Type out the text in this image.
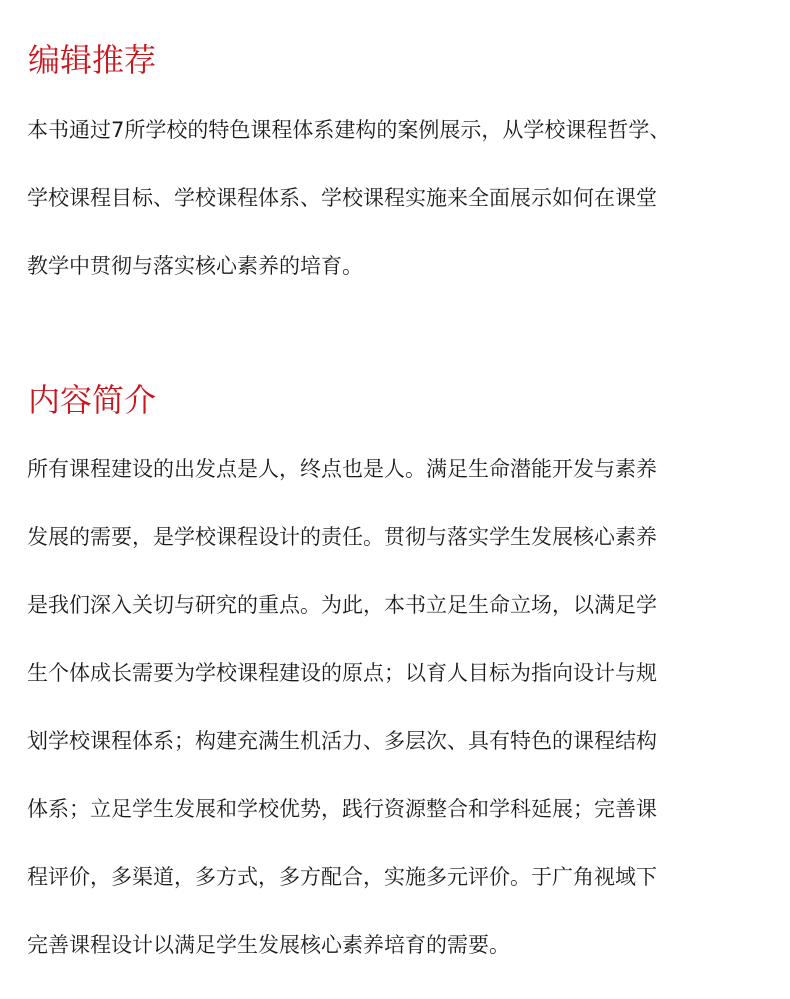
编辑推荐

本书通过7所学校的特色课程体系建构的案例展示，从学校课程哲学、

学校课程目标、学校课程体系、学校课程实施来全面展示如何在课堂

教学中贯彻与落实核心素养的培育。

内容简介

所有课程建设的出发点是人，终点也是人。满足生命潜能开发与素养

发展的需要，是学校课程设计的责任。贯彻与落实学生发展核心素养

是我们深入关切与研究的重点。为此，本书立足生命立场，以满足学

生个体成长需要为学校课程建设的原点；以育人目标为指向设计与规

划学校课程体系；构建充满生机活力、多层次、具有特色的课程结构

体系；立足学生发展和学校优势，践行资源整合和学科延展；完善课

程评价，多渠道，多方式，多方配合，实施多元评价。于广角视域下

完善课程设计以满足学生发展核心素养培育的需要。
